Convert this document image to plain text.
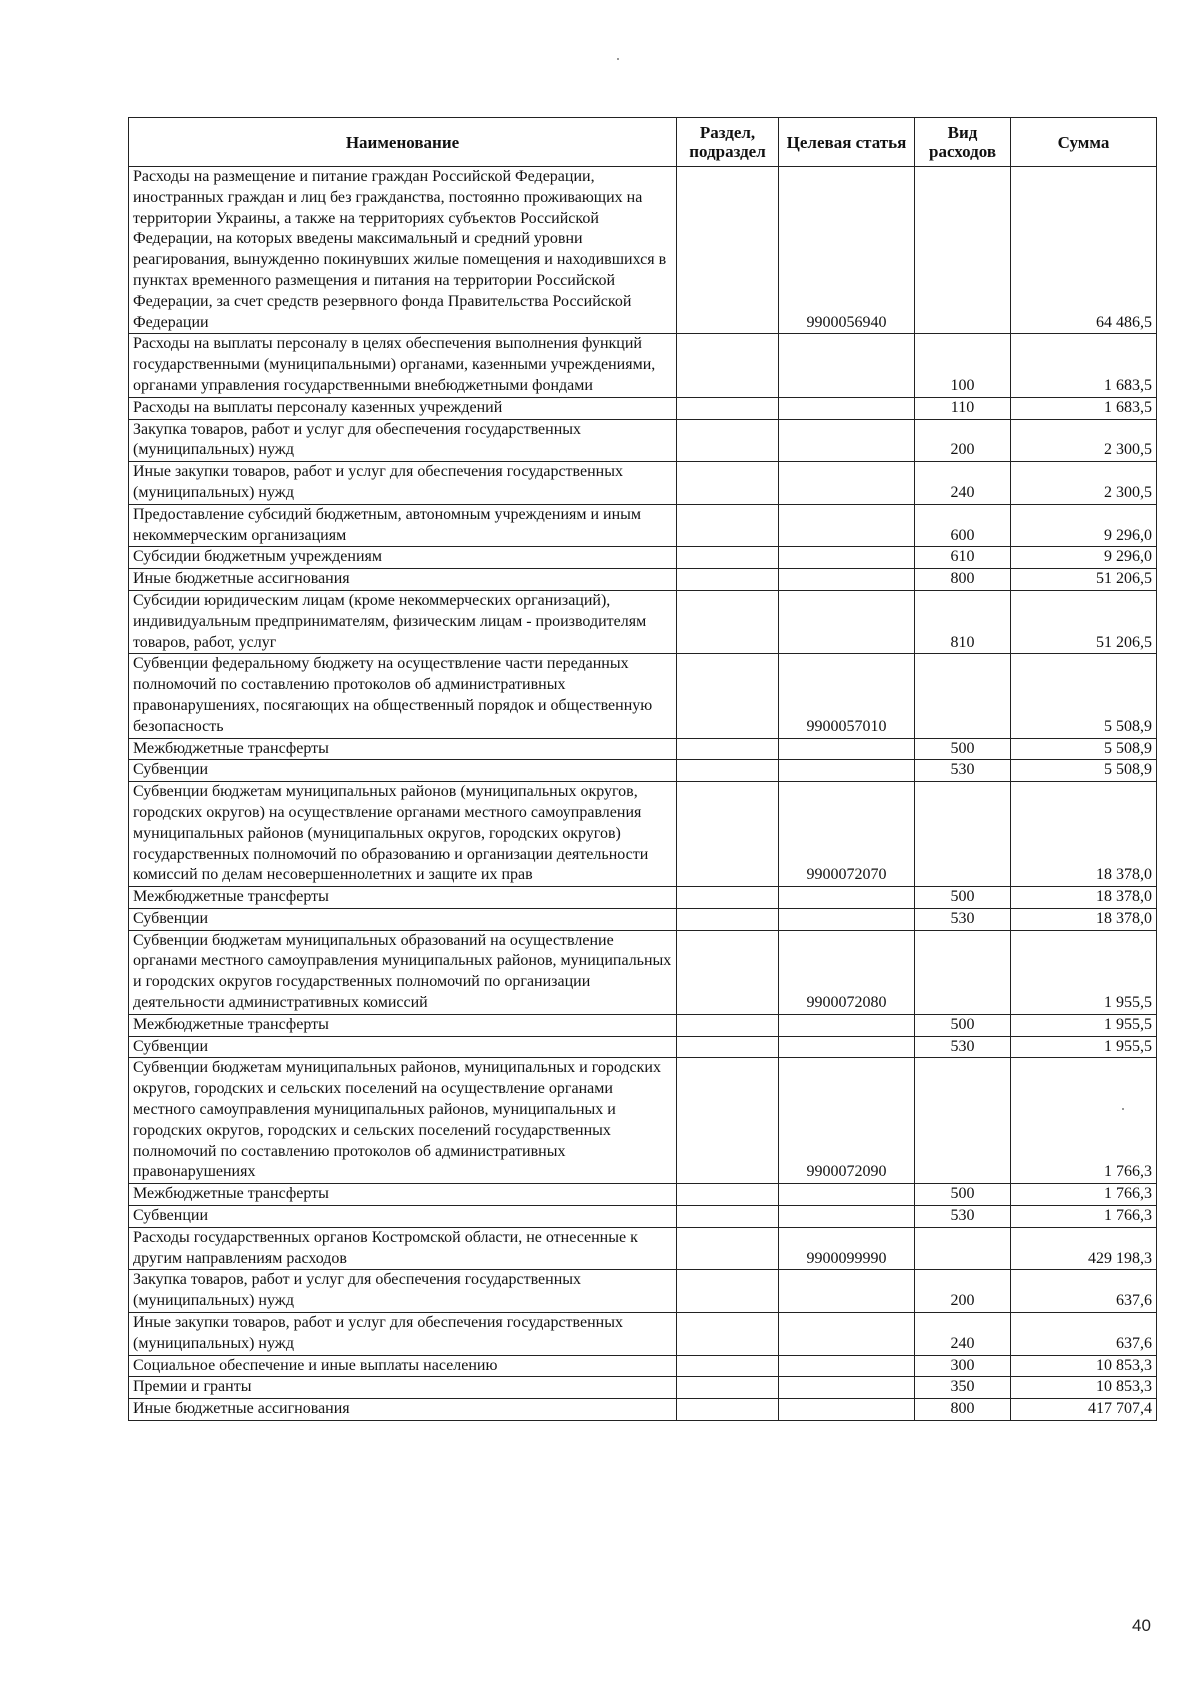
Наименование	Раздел, подраздел	Целевая статья	Вид расходов	Сумма
Расходы на размещение и питание граждан Российской Федерации, иностранных граждан и лиц без гражданства, постоянно проживающих на территории Украины, а также на территориях субъектов Российской Федерации, на которых введены максимальный и средний уровни реагирования, вынужденно покинувших жилые помещения и находившихся в пунктах временного размещения и питания на территории Российской Федерации, за счет средств резервного фонда Правительства Российской Федерации		9900056940		64 486,5
Расходы на выплаты персоналу в целях обеспечения выполнения функций государственными (муниципальными) органами, казенными учреждениями, органами управления государственными внебюджетными фондами			100	1 683,5
Расходы на выплаты персоналу казенных учреждений			110	1 683,5
Закупка товаров, работ и услуг для обеспечения государственных (муниципальных) нужд			200	2 300,5
Иные закупки товаров, работ и услуг для обеспечения государственных (муниципальных) нужд			240	2 300,5
Предоставление субсидий бюджетным, автономным учреждениям и иным некоммерческим организациям			600	9 296,0
Субсидии бюджетным учреждениям			610	9 296,0
Иные бюджетные ассигнования			800	51 206,5
Субсидии юридическим лицам (кроме некоммерческих организаций), индивидуальным предпринимателям, физическим лицам - производителям товаров, работ, услуг			810	51 206,5
Субвенции федеральному бюджету на осуществление части переданных полномочий по составлению протоколов об административных правонарушениях, посягающих на общественный порядок и общественную безопасность		9900057010		5 508,9
Межбюджетные трансферты			500	5 508,9
Субвенции			530	5 508,9
Субвенции бюджетам муниципальных районов (муниципальных округов, городских округов) на осуществление органами местного самоуправления муниципальных районов (муниципальных округов, городских округов) государственных полномочий по образованию и организации деятельности комиссий по делам несовершеннолетних и защите их прав		9900072070		18 378,0
Межбюджетные трансферты			500	18 378,0
Субвенции			530	18 378,0
Субвенции бюджетам муниципальных образований на осуществление органами местного самоуправления муниципальных районов, муниципальных и городских округов государственных полномочий по организации деятельности административных комиссий		9900072080		1 955,5
Межбюджетные трансферты			500	1 955,5
Субвенции			530	1 955,5
Субвенции бюджетам муниципальных районов, муниципальных и городских округов, городских и сельских поселений на осуществление органами местного самоуправления муниципальных районов, муниципальных и городских округов, городских и сельских поселений государственных полномочий по составлению протоколов об административных правонарушениях		9900072090		1 766,3
Межбюджетные трансферты			500	1 766,3
Субвенции			530	1 766,3
Расходы государственных органов Костромской области, не отнесенные к другим направлениям расходов		9900099990		429 198,3
Закупка товаров, работ и услуг для обеспечения государственных (муниципальных) нужд			200	637,6
Иные закупки товаров, работ и услуг для обеспечения государственных (муниципальных) нужд			240	637,6
Социальное обеспечение и иные выплаты населению			300	10 853,3
Премии и гранты			350	10 853,3
Иные бюджетные ассигнования			800	417 707,4
40
